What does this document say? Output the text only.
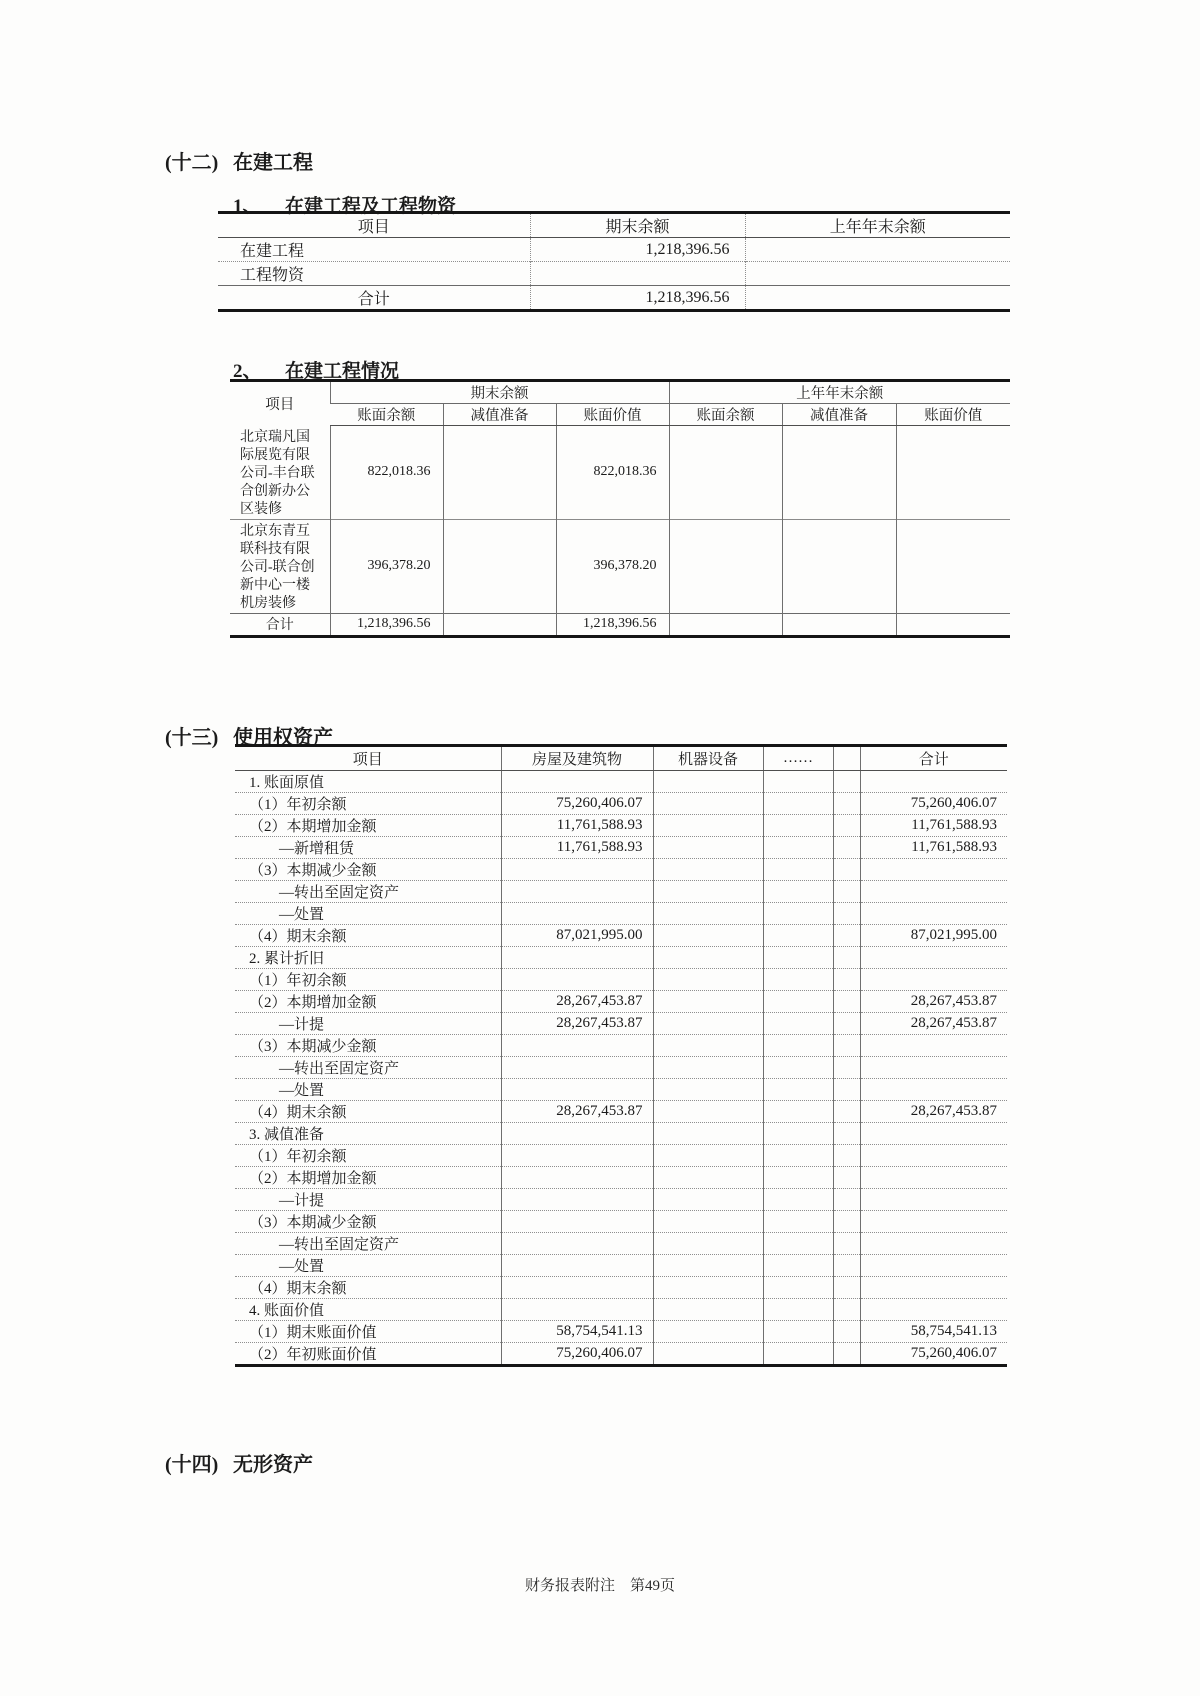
(十二) 在建工程
1、 在建工程及工程物资
项目	期末余额	上年年末余额
在建工程	1,218,396.56	
工程物资		
合计	1,218,396.56	
2、 在建工程情况
项目	期末余额			上年年末余额		
	账面余额	减值准备	账面价值	账面余额	减值准备	账面价值
北京瑞凡国际展览有限公司-丰台联合创新办公区装修	822,018.36		822,018.36			
北京东青互联科技有限公司-联合创新中心一楼机房装修	396,378.20		396,378.20			
合计	1,218,396.56		1,218,396.56			
(十三) 使用权资产
项目	房屋及建筑物	机器设备	……		合计
1. 账面原值					
（1）年初余额	75,260,406.07				75,260,406.07
（2）本期增加金额	11,761,588.93				11,761,588.93
　　—新增租赁	11,761,588.93				11,761,588.93
（3）本期减少金额					
　　—转出至固定资产					
　　—处置					
（4）期末余额	87,021,995.00				87,021,995.00
2. 累计折旧					
（1）年初余额					
（2）本期增加金额	28,267,453.87				28,267,453.87
　　—计提	28,267,453.87				28,267,453.87
（3）本期减少金额					
　　—转出至固定资产					
　　—处置					
（4）期末余额	28,267,453.87				28,267,453.87
3. 减值准备					
（1）年初余额					
（2）本期增加金额					
　　—计提					
（3）本期减少金额					
　　—转出至固定资产					
　　—处置					
（4）期末余额					
4. 账面价值					
（1）期末账面价值	58,754,541.13				58,754,541.13
（2）年初账面价值	75,260,406.07				75,260,406.07
(十四) 无形资产
财务报表附注　第49页
